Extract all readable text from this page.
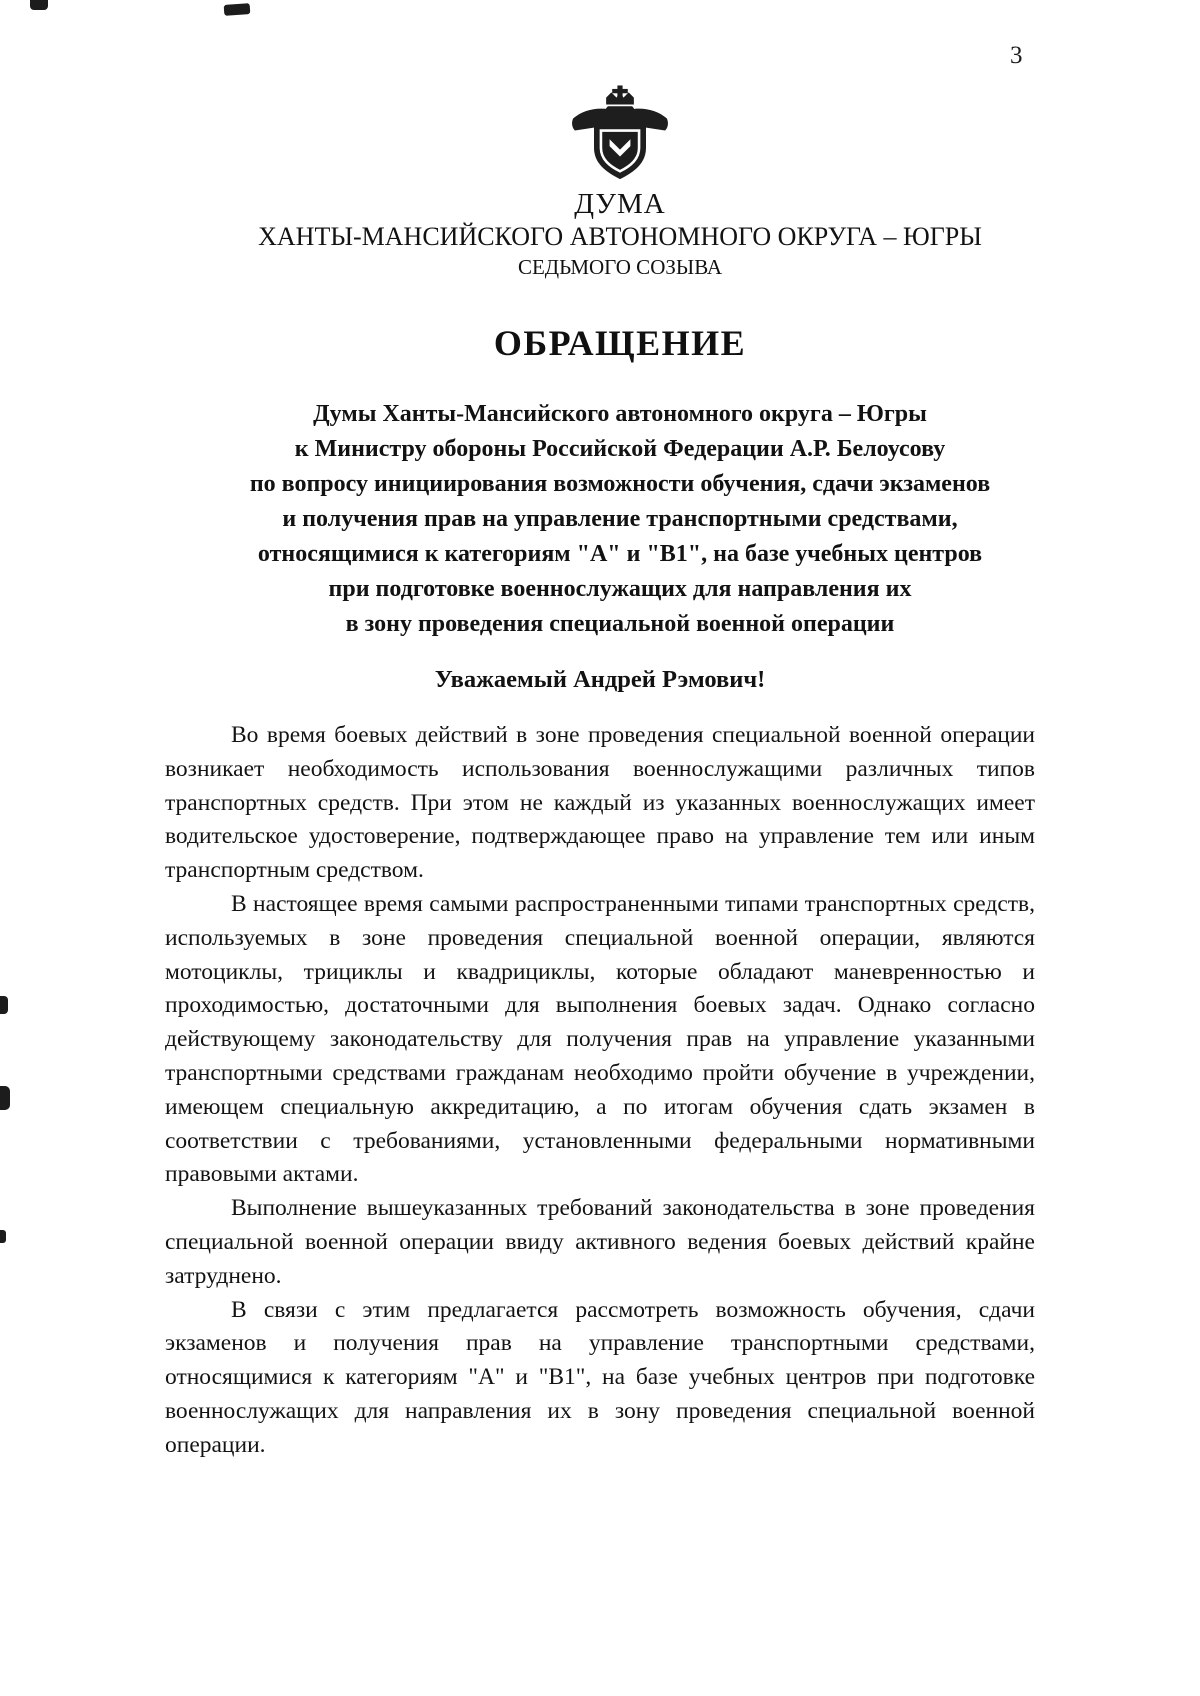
3
ДУМА
ХАНТЫ-МАНСИЙСКОГО АВТОНОМНОГО ОКРУГА – ЮГРЫ
СЕДЬМОГО СОЗЫВА
ОБРАЩЕНИЕ
Думы Ханты-Мансийского автономного округа – Югры
к Министру обороны Российской Федерации А.Р. Белоусову
по вопросу инициирования возможности обучения, сдачи экзаменов
и получения прав на управление транспортными средствами,
относящимися к категориям "А" и "В1", на базе учебных центров
при подготовке военнослужащих для направления их
в зону проведения специальной военной операции
Уважаемый Андрей Рэмович!

Во время боевых действий в зоне проведения специальной военной операции возникает необходимость использования военнослужащими различных типов транспортных средств. При этом не каждый из указанных военнослужащих имеет водительское удостоверение, подтверждающее право на управление тем или иным транспортным средством.

В настоящее время самыми распространенными типами транспортных средств, используемых в зоне проведения специальной военной операции, являются мотоциклы, трициклы и квадрициклы, которые обладают маневренностью и проходимостью, достаточными для выполнения боевых задач. Однако согласно действующему законодательству для получения прав на управление указанными транспортными средствами гражданам необходимо пройти обучение в учреждении, имеющем специальную аккредитацию, а по итогам обучения сдать экзамен в соответствии с требованиями, установленными федеральными нормативными правовыми актами.

Выполнение вышеуказанных требований законодательства в зоне проведения специальной военной операции ввиду активного ведения боевых действий крайне затруднено.

В связи с этим предлагается рассмотреть возможность обучения, сдачи экзаменов и получения прав на управление транспортными средствами, относящимися к категориям "А" и "В1", на базе учебных центров при подготовке военнослужащих для направления их в зону проведения специальной военной операции.
